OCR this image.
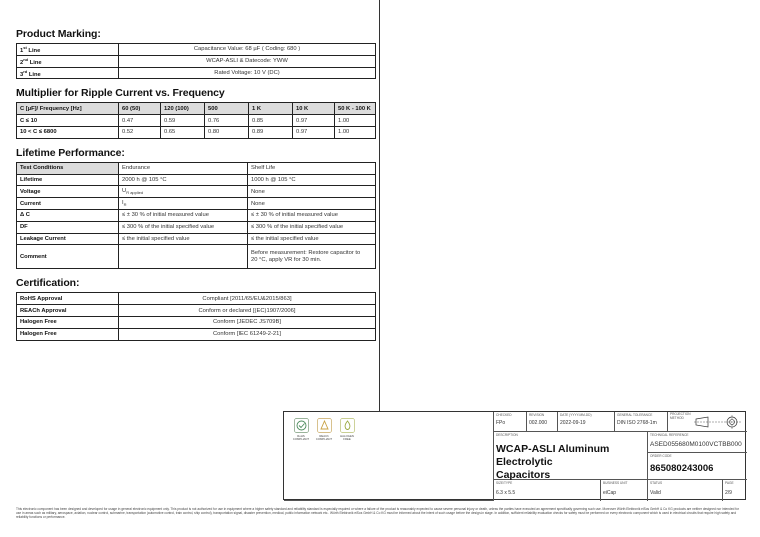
Product Marking:
1st Line	Capacitance Value: 68 µF ( Coding: 680 )
2nd Line	WCAP-ASLI & Datecode: YWW
3rd Line	Rated Voltage: 10 V (DC)
Multiplier for Ripple Current vs. Frequency
C [µF]/ Frequency [Hz]	60 (50)	120 (100)	500	1 K	10 K	50 K - 100 K
C ≤ 10	0.47	0.59	0.76	0.85	0.97	1.00
10 < C ≤ 6800	0.52	0.65	0.80	0.89	0.97	1.00
Lifetime Performance:
Test Conditions	Endurance	Shelf Life
Lifetime	2000 h @ 105 °C	1000 h @ 105 °C
Voltage	$U_{R applied}$	None
Current	$I_R$	None
Δ C	≤ ± 30 % of initial measured value	≤ ± 30 % of initial measured value
DF	≤ 300 % of the initial specified value	≤ 300 % of the initial specified value
Leakage Current	≤ the initial specified value	≤ the initial specified value
Comment		Before measurement: Restore capacitor to
20 °C, apply VR for 30 min.
Certification:
RoHS Approval	Compliant [2011/65/EU&2015/863]
REACh Approval	Conform or declared [(EC)1907/2006]
Halogen Free	Conform [JEDEC JS709B]
Halogen Free	Conform [IEC 61249-2-21]
RoHS
COMPLIANT
REACh
COMPLIANT
HALOGEN
FREE
CHECKED
FPo
REVISION
002.000
DATE (YYYY-MM-DD)
2022-09-19
GENERAL TOLERANCE
DIN ISO 2768-1m
PROJECTION METHOD
DESCRIPTION
WCAP-ASLI Aluminum Electrolytic
Capacitors
TECHNICAL REFERENCE
ASED055680M0100VCTBB000
ORDER CODE
865080243006
SIZE/TYPE
6.3 x 5.5
BUSINESS UNIT
eiCap
STATUS
Valid
PAGE
2/9
This electronic component has been designed and developed for usage in general electronic equipment only. This product is not authorized for use in equipment where a higher safety standard and reliability standard is especially required or where a failure of the product is reasonably expected to cause severe personal injury or death, unless the parties have executed an agreement specifically governing such use. Moreover Würth Elektronik eiSos GmbH & Co KG products are neither designed nor intended for use in areas such as military, aerospace, aviation, nuclear control, submarine, transportation (automotive control, train control, ship control), transportation signal, disaster prevention, medical, public information network etc.. Würth Elektronik eiSos GmbH & Co KG must be informed about the intent of such usage before the design-in stage. In addition, sufficient reliability evaluation checks for safety must be performed on every electronic component which is used in electrical circuits that require high safety and reliability functions or performance.
